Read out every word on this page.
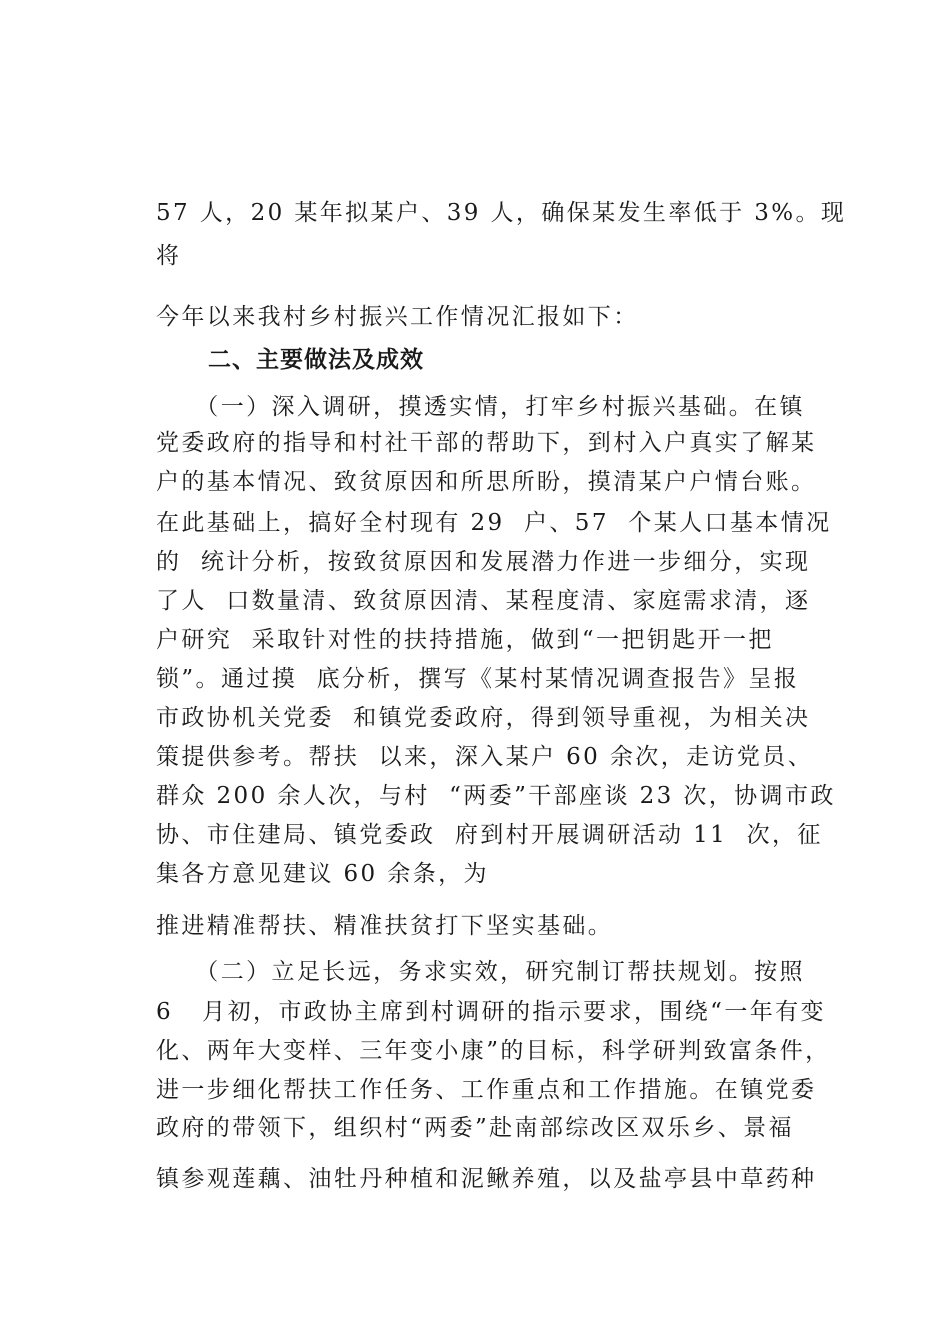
57 人，20 某年拟某户、39 人，确保某发生率低于 3%。现
将
今年以来我村乡村振兴工作情况汇报如下：
二、主要做法及成效
　　（一）深入调研，摸透实情，打牢乡村振兴基础。在镇
党委政府的指导和村社干部的帮助下，到村入户真实了解某
户的基本情况、致贫原因和所思所盼，摸清某户户情台账。
在此基础上，搞好全村现有 29  户、57  个某人口基本情况
的  统计分析，按致贫原因和发展潜力作进一步细分，实现
了人  口数量清、致贫原因清、某程度清、家庭需求清，逐
户研究  采取针对性的扶持措施，做到“一把钥匙开一把
锁”。通过摸  底分析，撰写《某村某情况调查报告》呈报
市政协机关党委  和镇党委政府，得到领导重视，为相关决
策提供参考。帮扶  以来，深入某户 60 余次，走访党员、
群众 200 余人次，与村  “两委”干部座谈 23 次，协调市政
协、市住建局、镇党委政  府到村开展调研活动 11  次，征
集各方意见建议 60 余条，为
推进精准帮扶、精准扶贫打下坚实基础。
　　（二）立足长远，务求实效，研究制订帮扶规划。按照
6   月初，市政协主席到村调研的指示要求，围绕“一年有变
化、两年大变样、三年变小康”的目标，科学研判致富条件，
进一步细化帮扶工作任务、工作重点和工作措施。在镇党委
政府的带领下，组织村“两委”赴南部综改区双乐乡、景福
镇参观莲藕、油牡丹种植和泥鳅养殖，以及盐亭县中草药种
